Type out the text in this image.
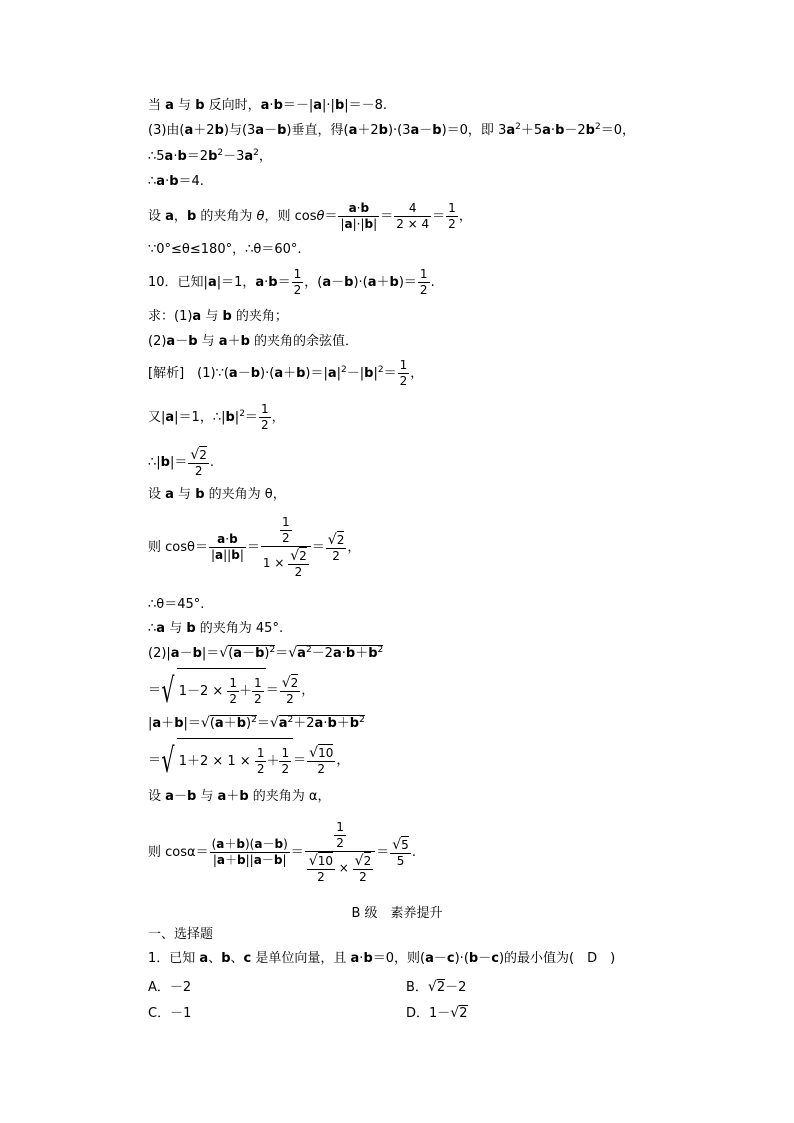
当 a 与 b 反向时，a·b＝－|a|·|b|＝－8.
(3)由(a＋2b)与(3a－b)垂直，得(a＋2b)·(3a－b)＝0，即 $3a^2+5a\cdot b-2b^2=0$，
$\therefore 5a\cdot b=2b^2-3a^2$，
∴a·b＝4.
设 a，b 的夹角为 θ，则 $\cos\theta= \frac{a\cdot b}{|a|\cdot|b|} = \frac{4}{2 \times 4} = \frac{1}{2}$ ，
∵0°≤θ≤180°，∴θ＝60°.
10．已知|a|＝1，$a\cdot b= \frac{1}{2}$ ，$(a-b)\cdot(a+b)= \frac{1}{2}$ .
求：(1)a 与 b 的夹角；
(2)a－b 与 a＋b 的夹角的余弦值．
[解析]　$(1)\because(a-b)\cdot(a+b)=|a|^2-|b|^2= \frac{1}{2}$ ，
又|a|＝1，$\therefore|b|^2= \frac{1}{2}$ ，
∴|b|＝ $\frac{√2}{2}$ .
设 a 与 b 的夹角为 θ，
则 $\cos\theta= \frac{a\cdot b}{|a||b|} = \frac{\frac{1}{2}}{1 \times \frac{√2}{2}} = \frac{√2}{2}$ ，
∴θ＝45°.
∴a 与 b 的夹角为 45°.
$(2)|a-b|=√(a-b)^2=√a^2-2a\cdot b+b^2$
＝√ $1-2 \times \frac{1}{2} + \frac{1}{2} = \frac{√2}{2}$ ，
$|a+b|=√(a+b)^2=√a^2+2a\cdot b+b^2$
＝√ $1+2 \times 1 \times \frac{1}{2} + \frac{1}{2} = \frac{√10}{2}$ ，
设 a－b 与 a＋b 的夹角为 α，
则 $\cos\alpha= \frac{(a+b)(a-b)}{|a+b||a-b|} = \frac{\frac{1}{2}}{\frac{√10}{2} \times \frac{√2}{2}} = \frac{√5}{5}$ .
B 级　素养提升
一、选择题
1．已知 a、b、c 是单位向量，且 a·b＝0，则(a－c)·(b－c)的最小值为(　D　)
A．－2	B．√2－2
C．－1	D．1－√2
